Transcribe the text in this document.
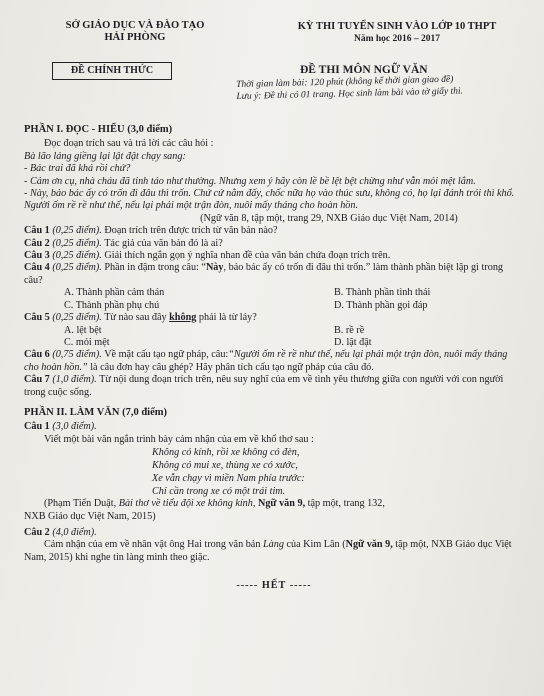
SỞ GIÁO DỤC VÀ ĐÀO TẠO
HẢI PHÒNG
KỲ THI TUYỂN SINH VÀO LỚP 10 THPT
Năm học 2016 – 2017
ĐỀ CHÍNH THỨC	ĐỀ THI MÔN NGỮ VĂN
Thời gian làm bài: 120 phút (không kể thời gian giao đề)
Lưu ý: Đề thi có 01 trang. Học sinh làm bài vào tờ giấy thi.
PHẦN I. ĐỌC - HIỂU (3,0 điểm)

Đọc đoạn trích sau và trả lời các câu hỏi :

Bà lão láng giềng lại lật đật chạy sang:

- Bác trai đã khá rồi chứ?

- Cảm ơn cụ, nhà cháu đã tỉnh táo như thường. Nhưng xem ý hãy còn lề bề lệt bệt chừng như vẫn mỏi mệt lắm.

- Này, bảo bác ấy có trốn đi đâu thì trốn. Chứ cứ nằm đấy, chốc nữa họ vào thúc sưu, không có, họ lại đánh trói thì khổ. Người ốm rề rề như thế, nếu lại phải một trận đòn, nuôi mấy tháng cho hoàn hồn.

(Ngữ văn 8, tập một, trang 29, NXB Giáo dục Việt Nam, 2014)

Câu 1 (0,25 điểm). Đoạn trích trên được trích từ văn bản nào?

Câu 2 (0,25 điểm). Tác giả của văn bản đó là ai?

Câu 3 (0,25 điểm). Giải thích ngắn gọn ý nghĩa nhan đề của văn bản chứa đoạn trích trên.

Câu 4 (0,25 điểm). Phần in đậm trong câu: “Này, bảo bác ấy có trốn đi đâu thì trốn.” làm thành phần biệt lập gì trong câu?

A. Thành phần cảm thán	B. Thành phần tình thái
C. Thành phần phụ chú	D. Thành phần gọi đáp

Câu 5 (0,25 điểm). Từ nào sau đây không phải là từ láy?

A. lệt bệt	B. rề rề
C. mỏi mệt	D. lật đật

Câu 6 (0,75 điểm). Về mặt cấu tạo ngữ pháp, câu:“Người ốm rề rề như thế, nếu lại phải một trận đòn, nuôi mấy tháng cho hoàn hồn.” là câu đơn hay câu ghép? Hãy phân tích cấu tạo ngữ pháp của câu đó.

Câu 7 (1,0 điểm). Từ nội dung đoạn trích trên, nêu suy nghĩ của em về tình yêu thương giữa con người với con người trong cuộc sống.

PHẦN II. LÀM VĂN (7,0 điểm)

Câu 1 (3,0 điểm).

Viết một bài văn ngắn trình bày cảm nhận của em về khổ thơ sau :

Không có kính, rồi xe không có đèn,
Không có mui xe, thùng xe có xước,
Xe vẫn chạy vì miền Nam phía trước:
Chỉ cần trong xe có một trái tim.

(Phạm Tiến Duật, Bài thơ về tiểu đội xe không kính, Ngữ văn 9, tập một, trang 132,

NXB Giáo dục Việt Nam, 2015)

Câu 2 (4,0 điểm).

Cảm nhận của em về nhân vật ông Hai trong văn bản Làng của Kim Lân (Ngữ văn 9, tập một, NXB Giáo dục Việt Nam, 2015) khi nghe tin làng mình theo giặc.

----- HẾT -----
